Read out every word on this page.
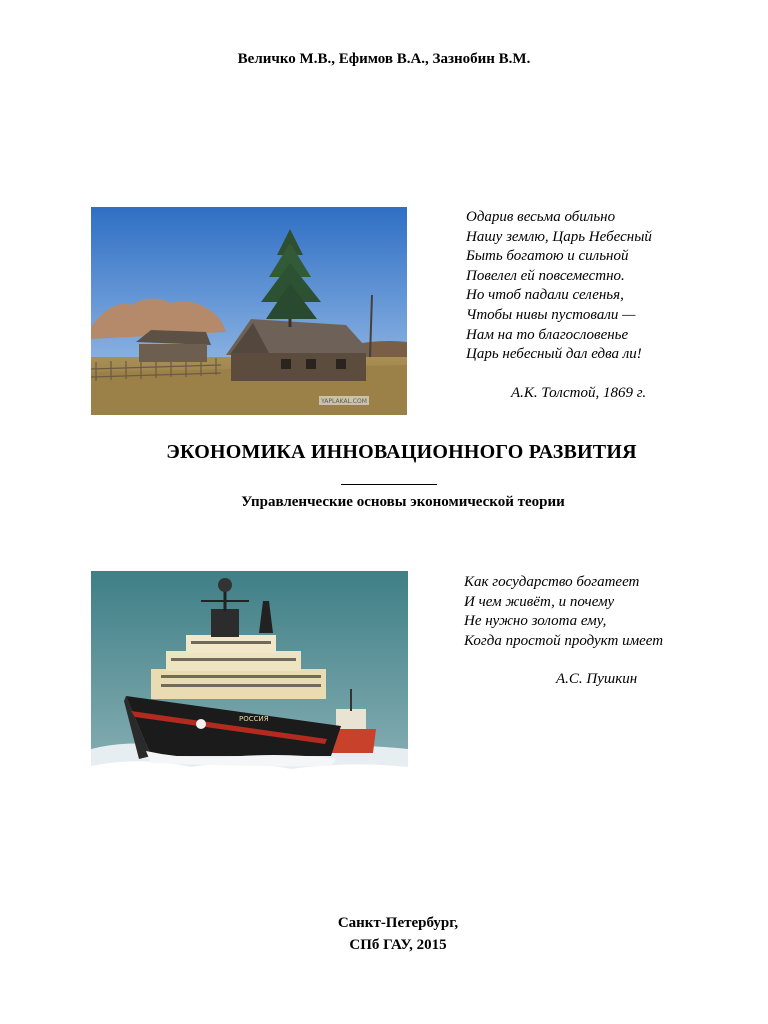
Величко М.В., Ефимов В.А., Зазнобин В.М.
YAPLAKAL.COM
Одарив весьма обильно
Нашу землю, Царь Небесный
Быть богатою и сильной
Повелел ей повсеместно.
Но чтоб падали селенья,
Чтобы нивы пустовали —
Нам на то благословенье
Царь небесный дал едва ли!
А.К. Толстой, 1869 г.
ЭКОНОМИКА ИННОВАЦИОННОГО РАЗВИТИЯ
Управленческие основы экономической теории
РОССИЯ
Как государство богатеет
И чем живёт, и почему
Не нужно золота ему,
Когда простой продукт имеет
А.С. Пушкин
Санкт-Петербург,
СПб ГАУ, 2015
